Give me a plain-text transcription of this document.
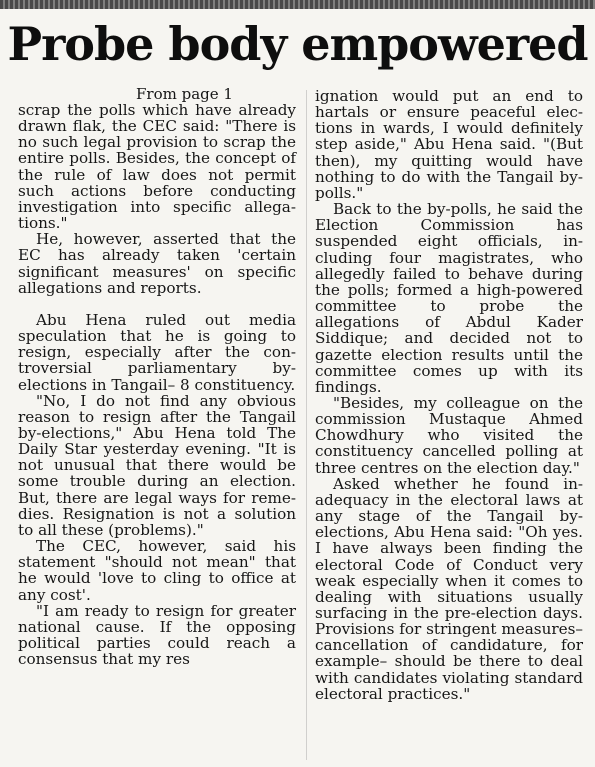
Probe body empowered

From page 1

scrap the polls which have already drawn flak, the CEC said: "There is no such legal provision to scrap the entire polls. Besides, the concept of the rule of law does not permit such actions before conducting investigation into specific allegations."

He, however, asserted that the EC has already taken 'certain significant measures' on specific allegations and reports.

Abu Hena ruled out media speculation that he is going to resign, especially after the controversial parliamentary by-elections in Tangail– 8 constituency.

"No, I do not find any obvious reason to resign after the Tangail by-elections," Abu Hena told The Daily Star yesterday evening. "It is not unusual that there would be some trouble during an election. But, there are legal ways for remedies. Resignation is not a solution to all these (problems)."

The CEC, however, said his statement "should not mean" that he would 'love to cling to office at any cost'.

"I am ready to resign for greater national cause. If the opposing political parties could reach a consensus that my res

ignation would put an end to hartals or ensure peaceful elections in wards, I would definitely step aside," Abu Hena said. "(But then), my quitting would have nothing to do with the Tangail by-polls."

Back to the by-polls, he said the Election Commission has suspended eight officials, including four magistrates, who allegedly failed to behave during the polls; formed a high-powered committee to probe the allegations of Abdul Kader Siddique; and decided not to gazette election results until the committee comes up with its findings.

"Besides, my colleague on the commission Mustaque Ahmed Chowdhury who visited the constituency cancelled polling at three centres on the election day."

Asked whether he found inadequacy in the electoral laws at any stage of the Tangail by-elections, Abu Hena said: "Oh yes. I have always been finding the electoral Code of Conduct very weak especially when it comes to dealing with situations usually surfacing in the pre-election days. Provisions for stringent measures– cancellation of candidature, for example– should be there to deal with candidates violating standard electoral practices."
